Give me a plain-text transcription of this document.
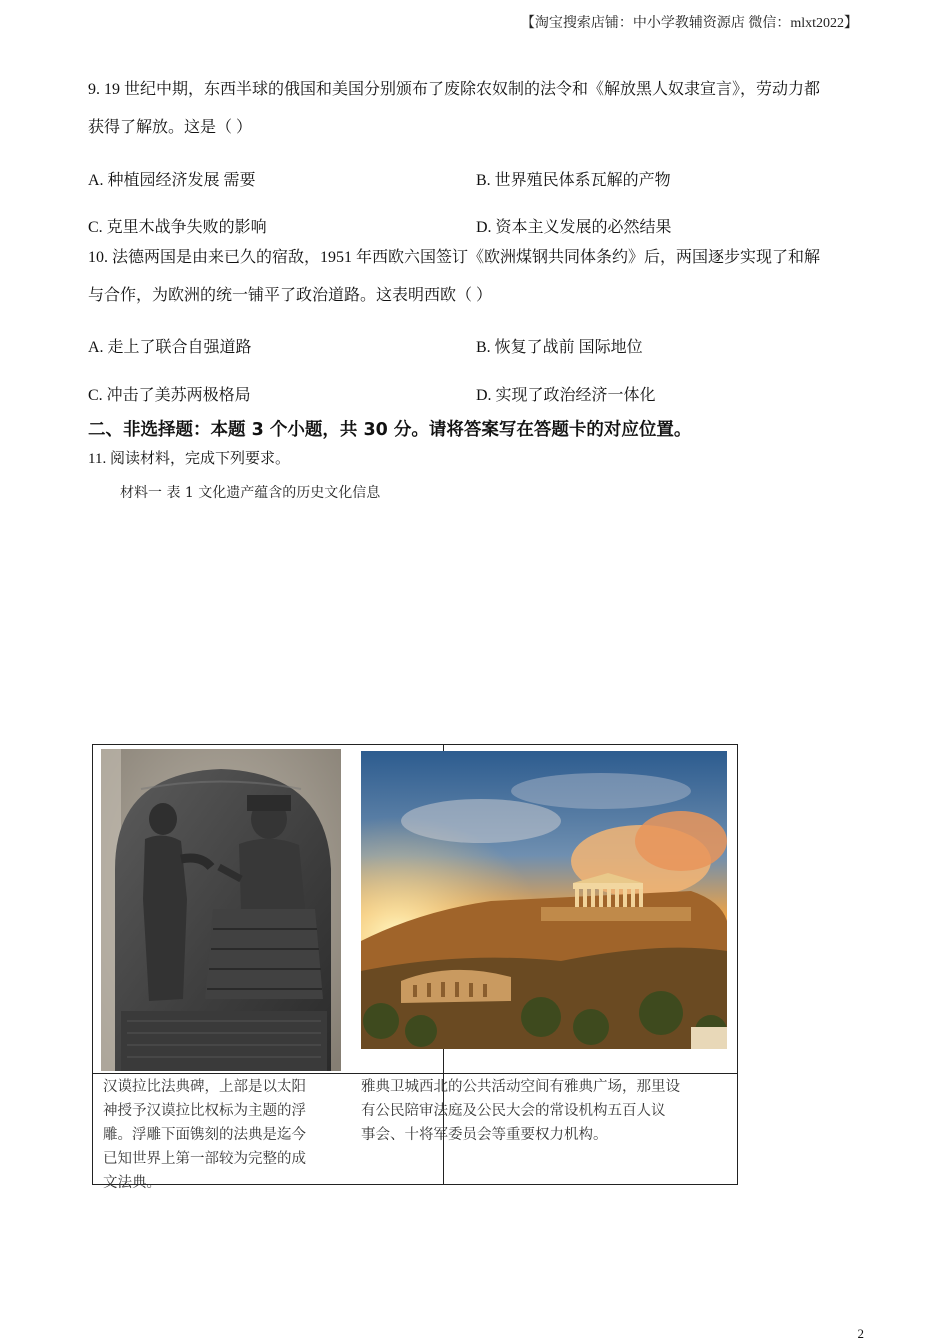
【淘宝搜索店铺：中小学教辅资源店 微信：mlxt2022】
9. 19 世纪中期，东西半球的俄国和美国分别颁布了废除农奴制的法令和《解放黑人奴隶宣言》，劳动力都
获得了解放。这是（ ）
A. 种植园经济发展 需要	B. 世界殖民体系瓦解的产物
C. 克里木战争失败的影响	D. 资本主义发展的必然结果
10. 法德两国是由来已久的宿敌，1951 年西欧六国签订《欧洲煤钢共同体条约》后，两国逐步实现了和解
与合作，为欧洲的统一铺平了政治道路。这表明西欧（ ）
A. 走上了联合自强道路	B. 恢复了战前 国际地位
C. 冲击了美苏两极格局	D. 实现了政治经济一体化
二、非选择题：本题 3 个小题，共 30 分。请将答案写在答题卡的对应位置。
11. 阅读材料，完成下列要求。
材料一 表 1 文化遗产蕴含的历史文化信息
汉谟拉比法典碑，上部是以太阳
神授予汉谟拉比权标为主题的浮
雕。浮雕下面镌刻的法典是迄今
已知世界上第一部较为完整的成
文法典。
雅典卫城西北的公共活动空间有雅典广场，那里设
有公民陪审法庭及公民大会的常设机构五百人议
事会、十将军委员会等重要权力机构。
2
